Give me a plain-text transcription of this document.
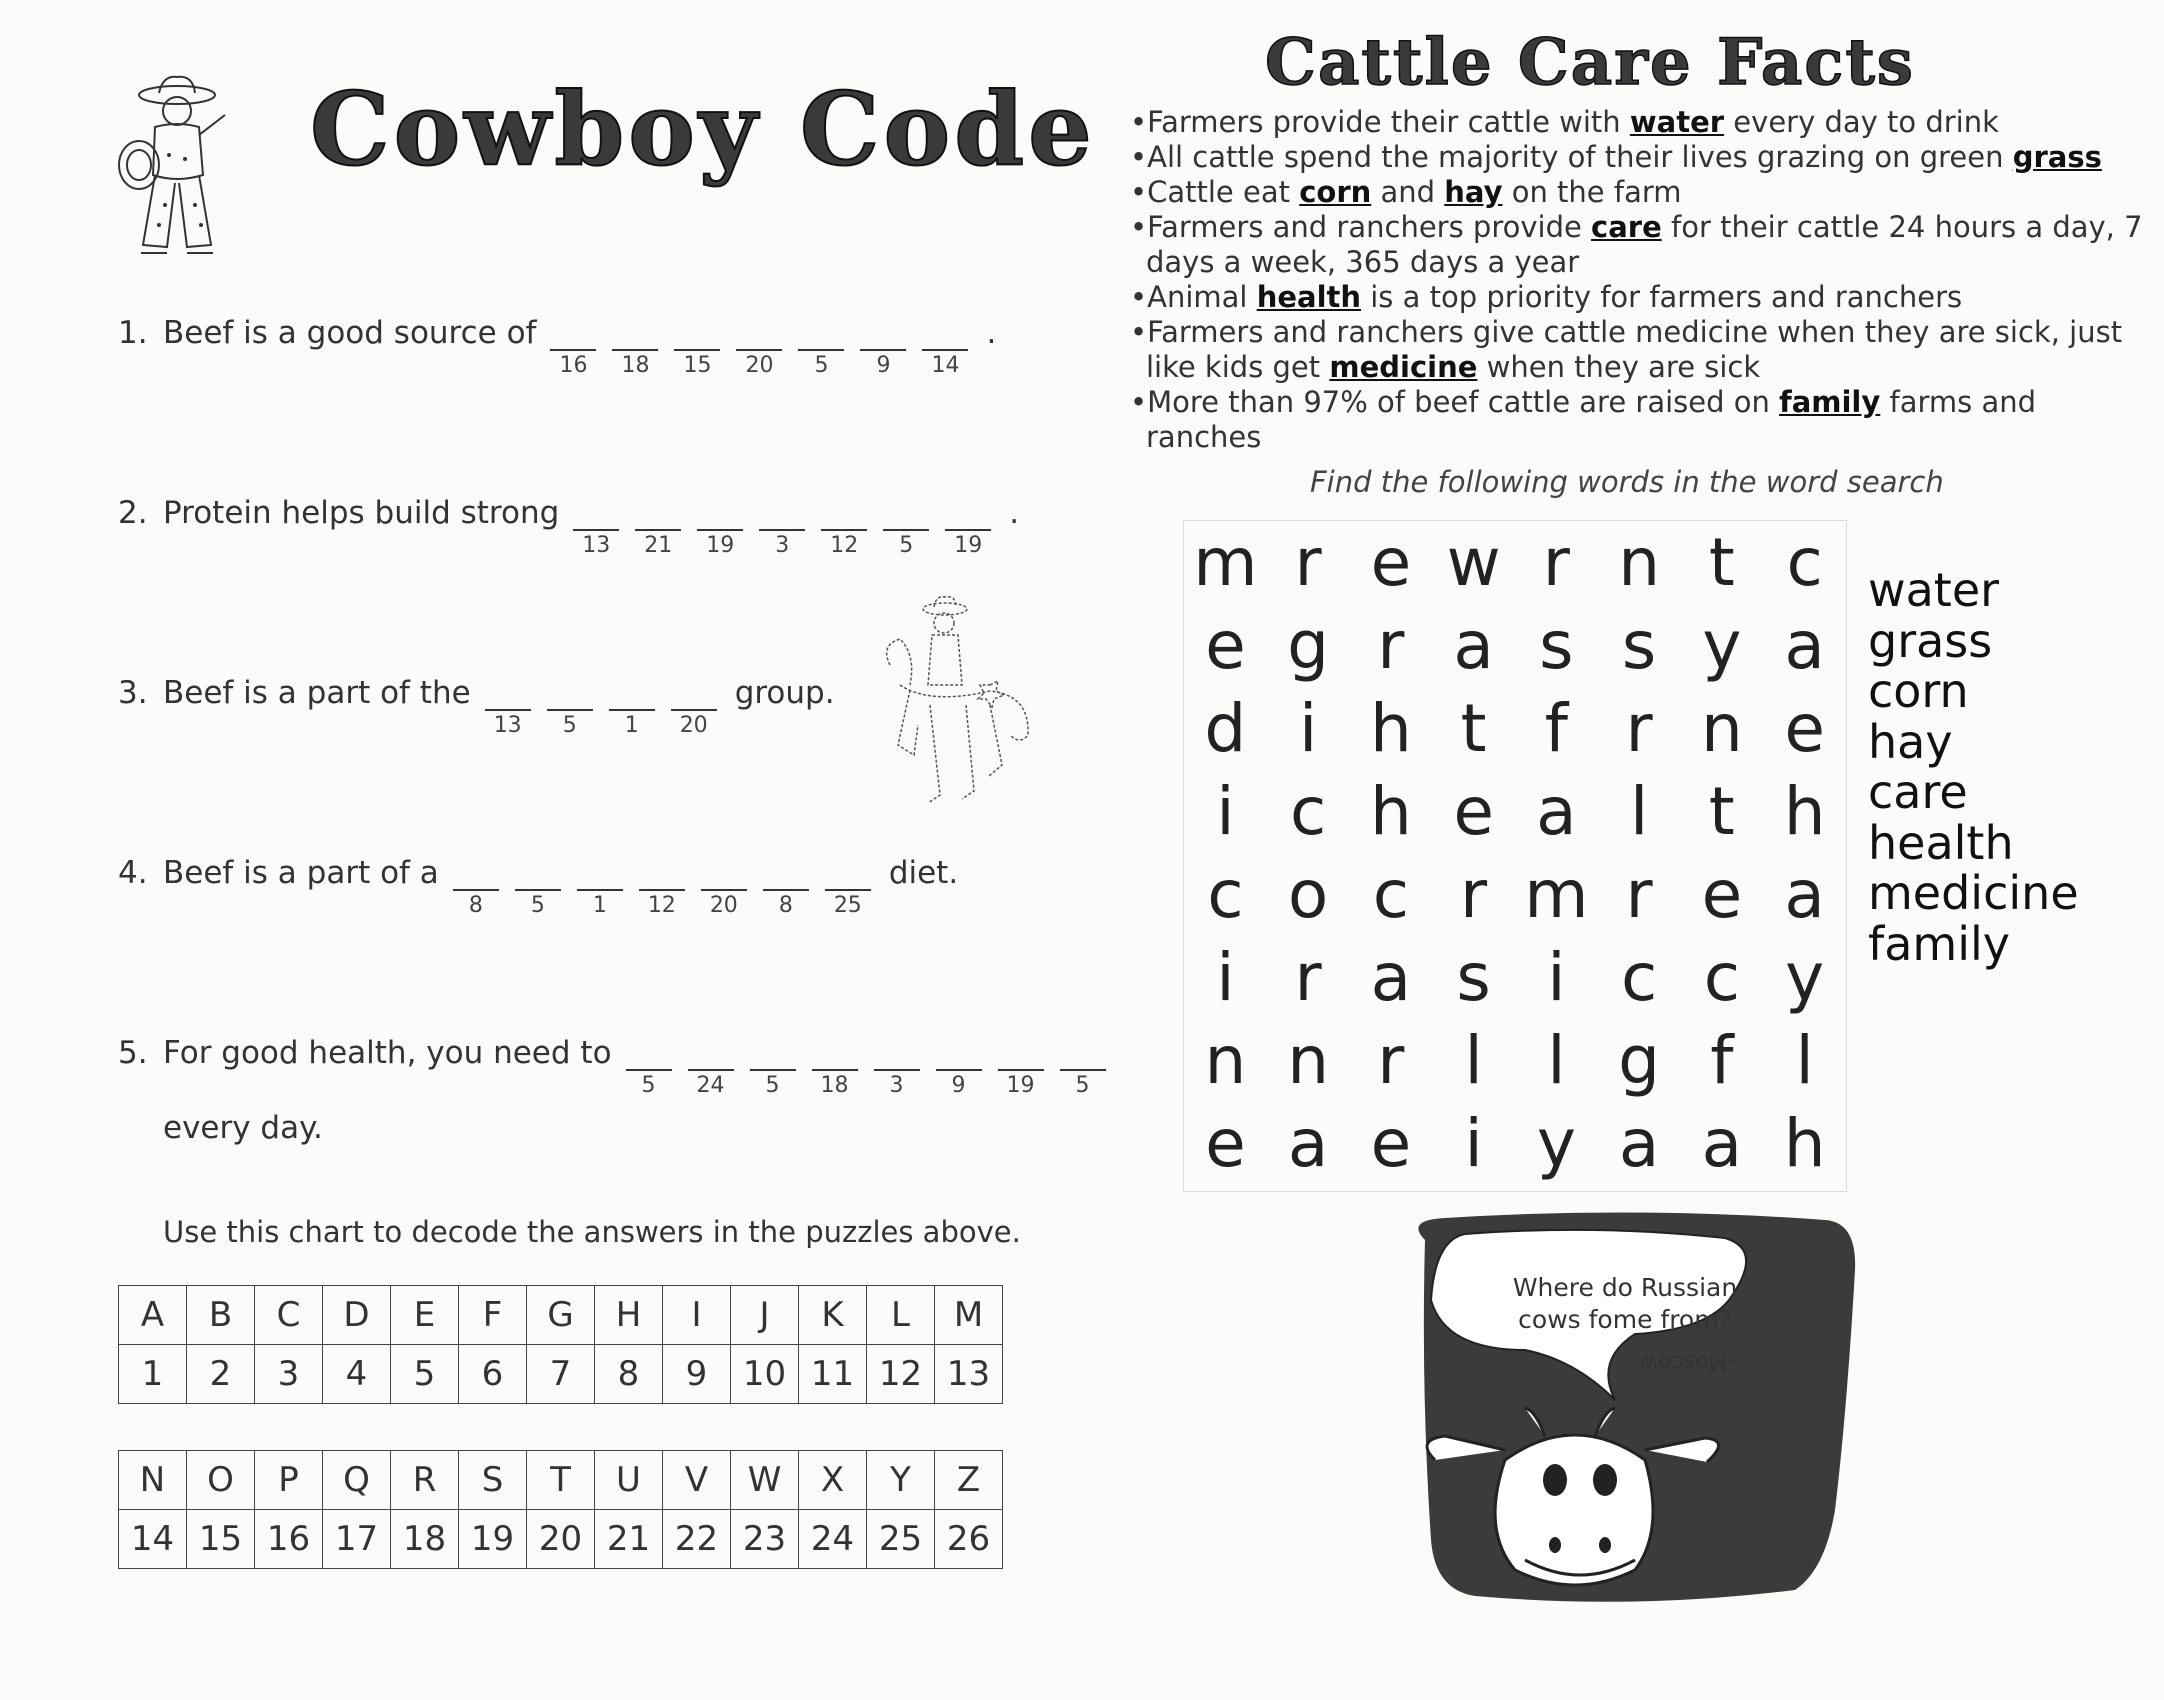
Cowboy Code
1. Beef is a good source of
16	18	15	20	5	9	14
.
2. Protein helps build strong
13	21	19	3	12	5	19
.
3. Beef is a part of the
13	5	1	20
group.
4. Beef is a part of a
8	5	1	12	20	8	25
diet.
5. For good health, you need to
5	24	5	18	3	9	19	5
every day.
Use this chart to decode the answers in the puzzles above.
A	B	C	D	E	F	G	H	I	J	K	L	M
1	2	3	4	5	6	7	8	9	10	11	12	13
N	O	P	Q	R	S	T	U	V	W	X	Y	Z
14	15	16	17	18	19	20	21	22	23	24	25	26
Cattle Care Facts

•Farmers provide their cattle with water every day to drink

•All cattle spend the majority of their lives grazing on green grass

•Cattle eat corn and hay on the farm

•Farmers and ranchers provide care for their cattle 24 hours a day, 7 days a week, 365 days a year

•Animal health is a top priority for farmers and ranchers

•Farmers and ranchers give cattle medicine when they are sick, just like kids get medicine when they are sick

•More than 97% of beef cattle are raised on family farms and ranches

Find the following words in the word search
m r e w r n t c
e g r a s s y a
d i h t f r n e
i c h e a l t h
c o c r m r e a
i r a s i c c y
n n r l l g f l
e a e i y a a h
water
grass
corn
hay
care
health
medicine
family
Where do Russian cows fome from?
-Moscow
